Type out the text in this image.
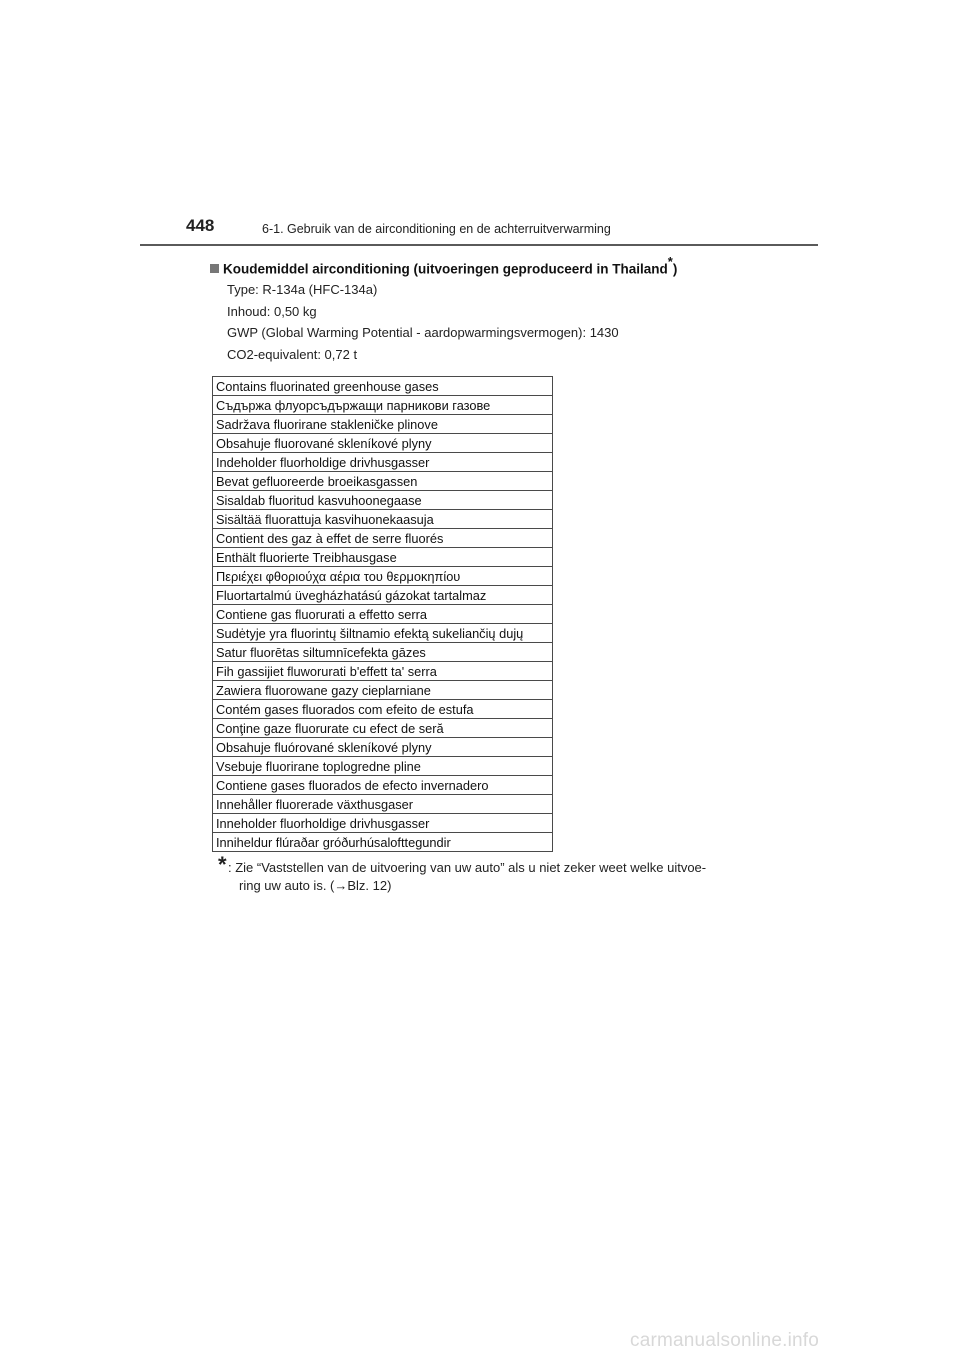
448	6-1. Gebruik van de airconditioning en de achterruitverwarming
Koudemiddel airconditioning (uitvoeringen geproduceerd in Thailand*)
Type: R-134a (HFC-134a)
Inhoud: 0,50 kg
GWP (Global Warming Potential - aardopwarmingsvermogen): 1430
CO2-equivalent: 0,72 t
Contains fluorinated greenhouse gases
Съдържа флуорсъдържащи парникови газове
Sadržava fluorirane stakleničke plinove
Obsahuje fluorované skleníkové plyny
Indeholder fluorholdige drivhusgasser
Bevat gefluoreerde broeikasgassen
Sisaldab fluoritud kasvuhoonegaase
Sisältää fluorattuja kasvihuonekaasuja
Contient des gaz à effet de serre fluorés
Enthält fluorierte Treibhausgase
Περιέχει φθοριούχα αέρια του θερμοκηπίου
Fluortartalmú üvegházhatású gázokat tartalmaz
Contiene gas fluorurati a effetto serra
Sudėtyje yra fluorintų šiltnamio efektą sukeliančių dujų
Satur fluorētas siltumnīcefekta gāzes
Fih gassijiet fluworurati b'effett ta' serra
Zawiera fluorowane gazy cieplarniane
Contém gases fluorados com efeito de estufa
Conţine gaze fluorurate cu efect de seră
Obsahuje fluórované skleníkové plyny
Vsebuje fluorirane toplogredne pline
Contiene gases fluorados de efecto invernadero
Innehåller fluorerade växthusgaser
Inneholder fluorholdige drivhusgasser
Inniheldur flúraðar gróðurhúsalofttegundir
* : Zie “Vaststellen van de uitvoering van uw auto” als u niet zeker weet welke uitvoe-
ring uw auto is. (→Blz. 12)
carmanualsonline.info
